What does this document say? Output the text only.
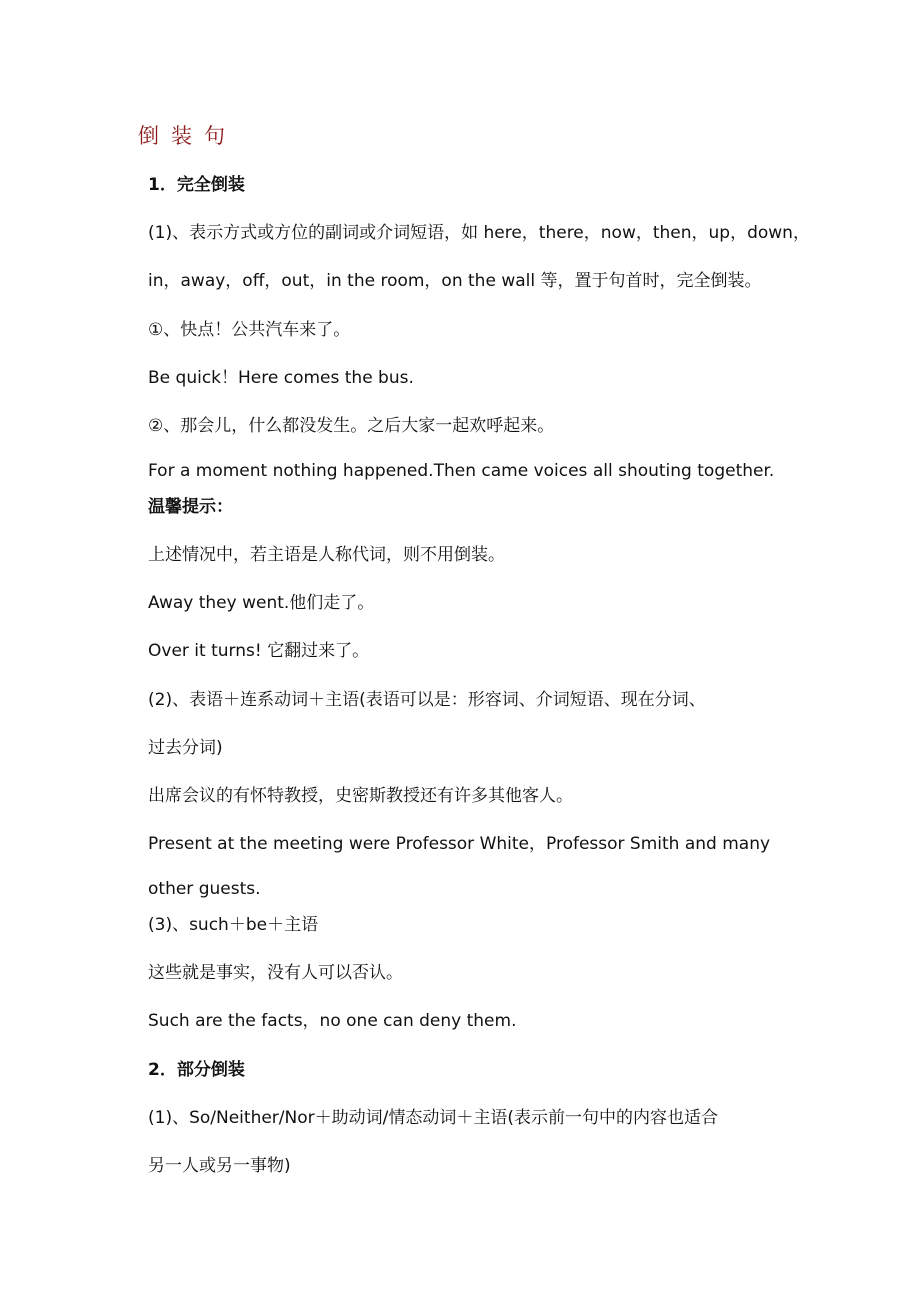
倒装句
1．完全倒装
(1)、表示方式或方位的副词或介词短语，如 here，there，now，then，up，down，
in，away，off，out，in the room，on the wall 等，置于句首时，完全倒装。
①、快点！公共汽车来了。
Be quick！Here comes the bus.
②、那会儿，什么都没发生。之后大家一起欢呼起来。
For a moment nothing happened.Then came voices all shouting together.
温馨提示：
上述情况中，若主语是人称代词，则不用倒装。
Away they went.他们走了。
Over it turns! 它翻过来了。
(2)、表语＋连系动词＋主语(表语可以是：形容词、介词短语、现在分词、
过去分词)
出席会议的有怀特教授，史密斯教授还有许多其他客人。
Present at the meeting were Professor White，Professor Smith and many
other guests.
(3)、such＋be＋主语
这些就是事实，没有人可以否认。
Such are the facts，no one can deny them.
2．部分倒装
(1)、So/Neither/Nor＋助动词/情态动词＋主语(表示前一句中的内容也适合
另一人或另一事物)
